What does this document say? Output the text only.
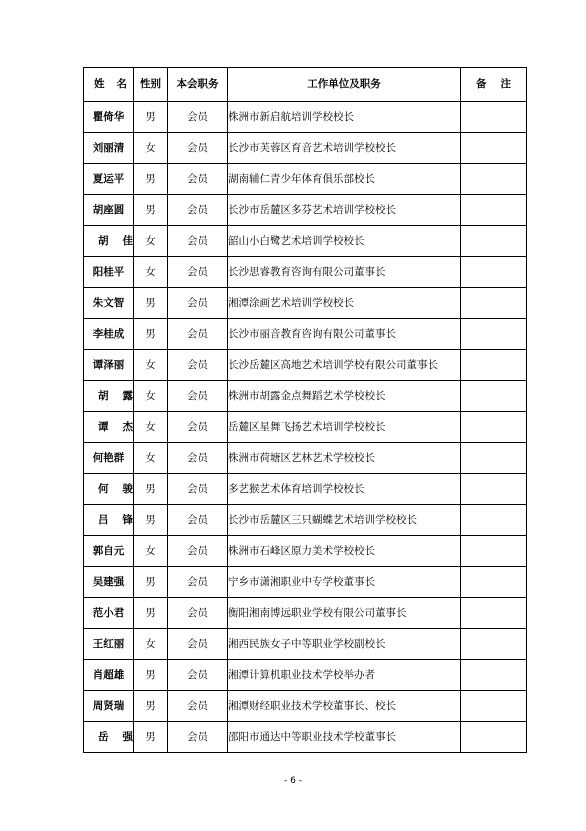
姓名	性别	本会职务	工作单位及职务	备注
瞿倚华	男	会员	株洲市新启航培训学校校长	
刘丽清	女	会员	长沙市芙蓉区育音艺术培训学校校长	
夏运平	男	会员	湖南辅仁青少年体育俱乐部校长	
胡座圆	男	会员	长沙市岳麓区多芬艺术培训学校校长	
胡佳	女	会员	韶山小白鹭艺术培训学校校长	
阳桂平	女	会员	长沙思睿教育咨询有限公司董事长	
朱文智	男	会员	湘潭涂画艺术培训学校校长	
李桂成	男	会员	长沙市丽音教育咨询有限公司董事长	
谭泽丽	女	会员	长沙岳麓区高地艺术培训学校有限公司董事长	
胡露	女	会员	株洲市胡露金点舞蹈艺术学校校长	
谭杰	女	会员	岳麓区星舞飞扬艺术培训学校校长	
何艳群	女	会员	株洲市荷塘区艺林艺术学校校长	
何骏	男	会员	多艺猴艺术体育培训学校校长	
吕锋	男	会员	长沙市岳麓区三只蝴蝶艺术培训学校校长	
郭自元	女	会员	株洲市石峰区原力美术学校校长	
吴建强	男	会员	宁乡市潇湘职业中专学校董事长	
范小君	男	会员	衡阳湘南博远职业学校有限公司董事长	
王红丽	女	会员	湘西民族女子中等职业学校副校长	
肖超雄	男	会员	湘潭计算机职业技术学校举办者	
周贤瑞	男	会员	湘潭财经职业技术学校董事长、校长	
岳强	男	会员	邵阳市通达中等职业技术学校董事长	
- 6 -
